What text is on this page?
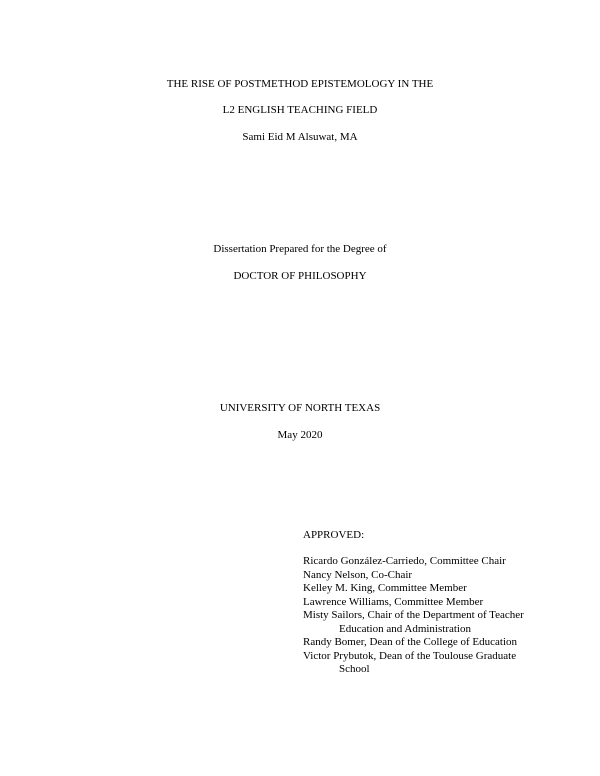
THE RISE OF POSTMETHOD EPISTEMOLOGY IN THE
L2 ENGLISH TEACHING FIELD
Sami Eid M Alsuwat, MA
Dissertation Prepared for the Degree of
DOCTOR OF PHILOSOPHY
UNIVERSITY OF NORTH TEXAS
May 2020
APPROVED:
Ricardo González-Carriedo, Committee Chair
Nancy Nelson, Co-Chair
Kelley M. King, Committee Member
Lawrence Williams, Committee Member
Misty Sailors, Chair of the Department of Teacher Education and Administration
Randy Bomer, Dean of the College of Education
Victor Prybutok, Dean of the Toulouse Graduate School
